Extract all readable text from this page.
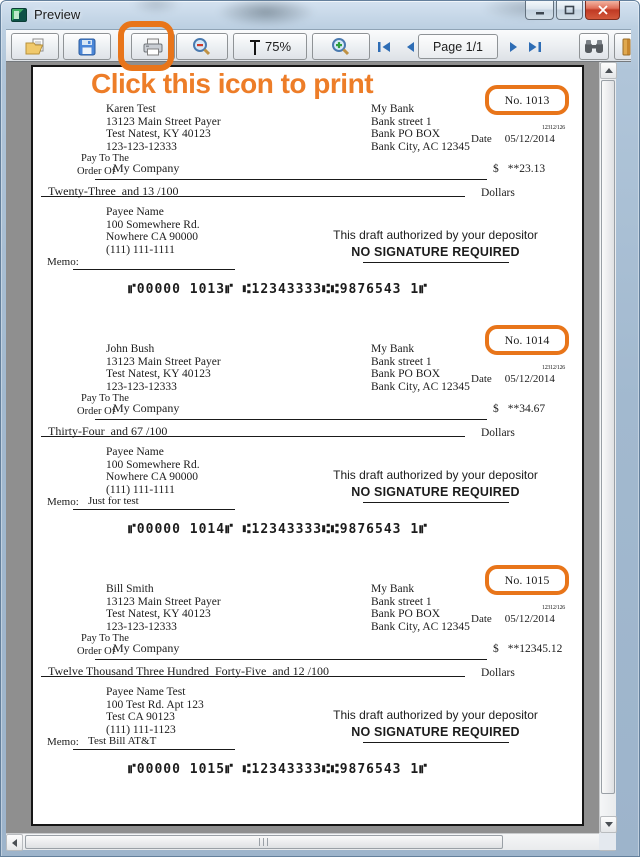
Preview
75%	Page 1/1
Karen Test
13123 Main Street Payer
Test Natest, KY 40123
123-123-12333
My Bank
Bank street 1
Bank PO BOX
Bank City, AC 12345
No. 1013
12312/126
Date 05/12/2014
Pay To The
Order Of
My Company	$ **23.13
Twenty-Three  and 13 /100	Dollars
Payee Name
100 Somewhere Rd.
Nowhere CA 90000
(111) 111-1111
This draft authorized by your depositor
NO SIGNATURE REQUIRED
Memo:
⑈00000 1013⑈ ⑆12343333⑆⑆9876543 1⑈
John Bush
13123 Main Street Payer
Test Natest, KY 40123
123-123-12333
My Bank
Bank street 1
Bank PO BOX
Bank City, AC 12345
No. 1014
12312/126
Date 05/12/2014
Pay To The
Order Of
My Company	$ **34.67
Thirty-Four  and 67 /100	Dollars
Payee Name
100 Somewhere Rd.
Nowhere CA 90000
(111) 111-1111
This draft authorized by your depositor
NO SIGNATURE REQUIRED
Memo: Just for test
⑈00000 1014⑈ ⑆12343333⑆⑆9876543 1⑈
Bill Smith
13123 Main Street Payer
Test Natest, KY 40123
123-123-12333
My Bank
Bank street 1
Bank PO BOX
Bank City, AC 12345
No. 1015
12312/126
Date 05/12/2014
Pay To The
Order Of
My Company	$ **12345.12
Twelve Thousand Three Hundred  Forty-Five  and 12 /100	Dollars
Payee Name Test
100 Test Rd. Apt 123
Test CA 90123
(111) 111-1123
This draft authorized by your depositor
NO SIGNATURE REQUIRED
Memo: Test Bill AT&T
⑈00000 1015⑈ ⑆12343333⑆⑆9876543 1⑈
Click this icon to print
